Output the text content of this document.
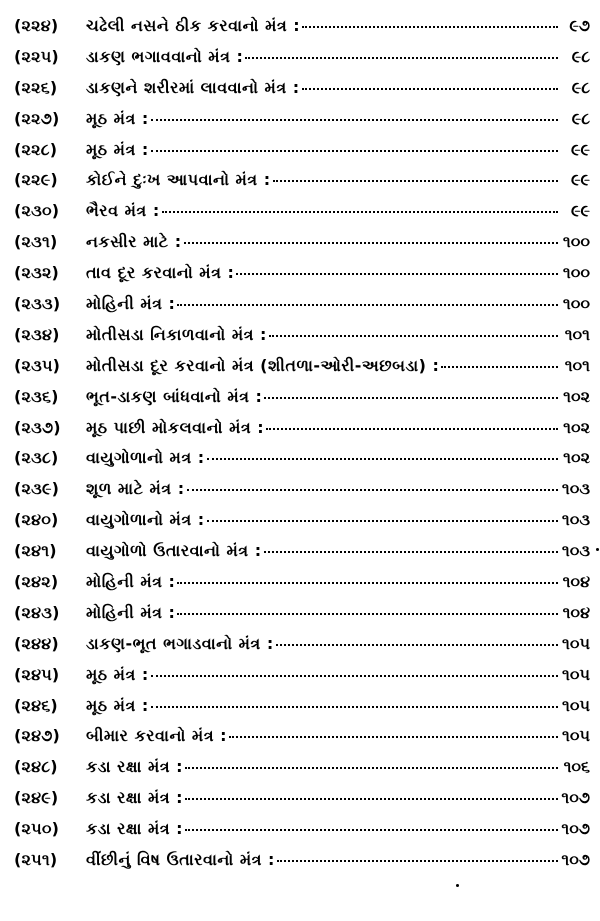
(૨૨૪)	ચઢેલી નસને ઠીક કરવાનો મંત્ર :	૯૭
(૨૨૫)	ડાકણ ભગાવવાનો મંત્ર :	૯૮
(૨૨૬)	ડાકણને શરીરમાં લાવવાનો મંત્ર :	૯૮
(૨૨૭)	મૂઠ મંત્ર :	૯૮
(૨૨૮)	મૂઠ મંત્ર :	૯૯
(૨૨૯)	કોઈને દુઃખ આપવાનો મંત્ર :	૯૯
(૨૩૦)	ભૈરવ મંત્ર :	૯૯
(૨૩૧)	નકસીર માટે :	૧૦૦
(૨૩૨)	તાવ દૂર કરવાનો મંત્ર :	૧૦૦
(૨૩૩)	મોહિની મંત્ર :	૧૦૦
(૨૩૪)	મોતીસડા નિકાળવાનો મંત્ર :	૧૦૧
(૨૩૫)	મોતીસડા દૂર કરવાનો મંત્ર (શીતળા-ઓરી-અછબડા) :	૧૦૧
(૨૩૬)	ભૂત-ડાકણ બાંધવાનો મંત્ર :	૧૦૨
(૨૩૭)	મૂઠ પાછી મોકલવાનો મંત્ર :	૧૦૨
(૨૩૮)	વાયુગોળાનો મત્ર :	૧૦૨
(૨૩૯)	શૂળ માટે મંત્ર :	૧૦૩
(૨૪૦)	વાયુગોળાનો મંત્ર :	૧૦૩
(૨૪૧)	વાયુગોળો ઉતારવાનો મંત્ર :	૧૦૩
(૨૪૨)	મોહિની મંત્ર :	૧૦૪
(૨૪૩)	મોહિની મંત્ર :	૧૦૪
(૨૪૪)	ડાકણ-ભૂત ભગાડવાનો મંત્ર :	૧૦૫
(૨૪૫)	મૂઠ મંત્ર :	૧૦૫
(૨૪૬)	મૂઠ મંત્ર :	૧૦૫
(૨૪૭)	બીમાર કરવાનો મંત્ર :	૧૦૫
(૨૪૮)	કડા રક્ષા મંત્ર :	૧૦૬
(૨૪૯)	કડા રક્ષા મંત્ર :	૧૦૭
(૨૫૦)	કડા રક્ષા મંત્ર :	૧૦૭
(૨૫૧)	વીંછીનું વિષ ઉતારવાનો મંત્ર :	૧૦૭
